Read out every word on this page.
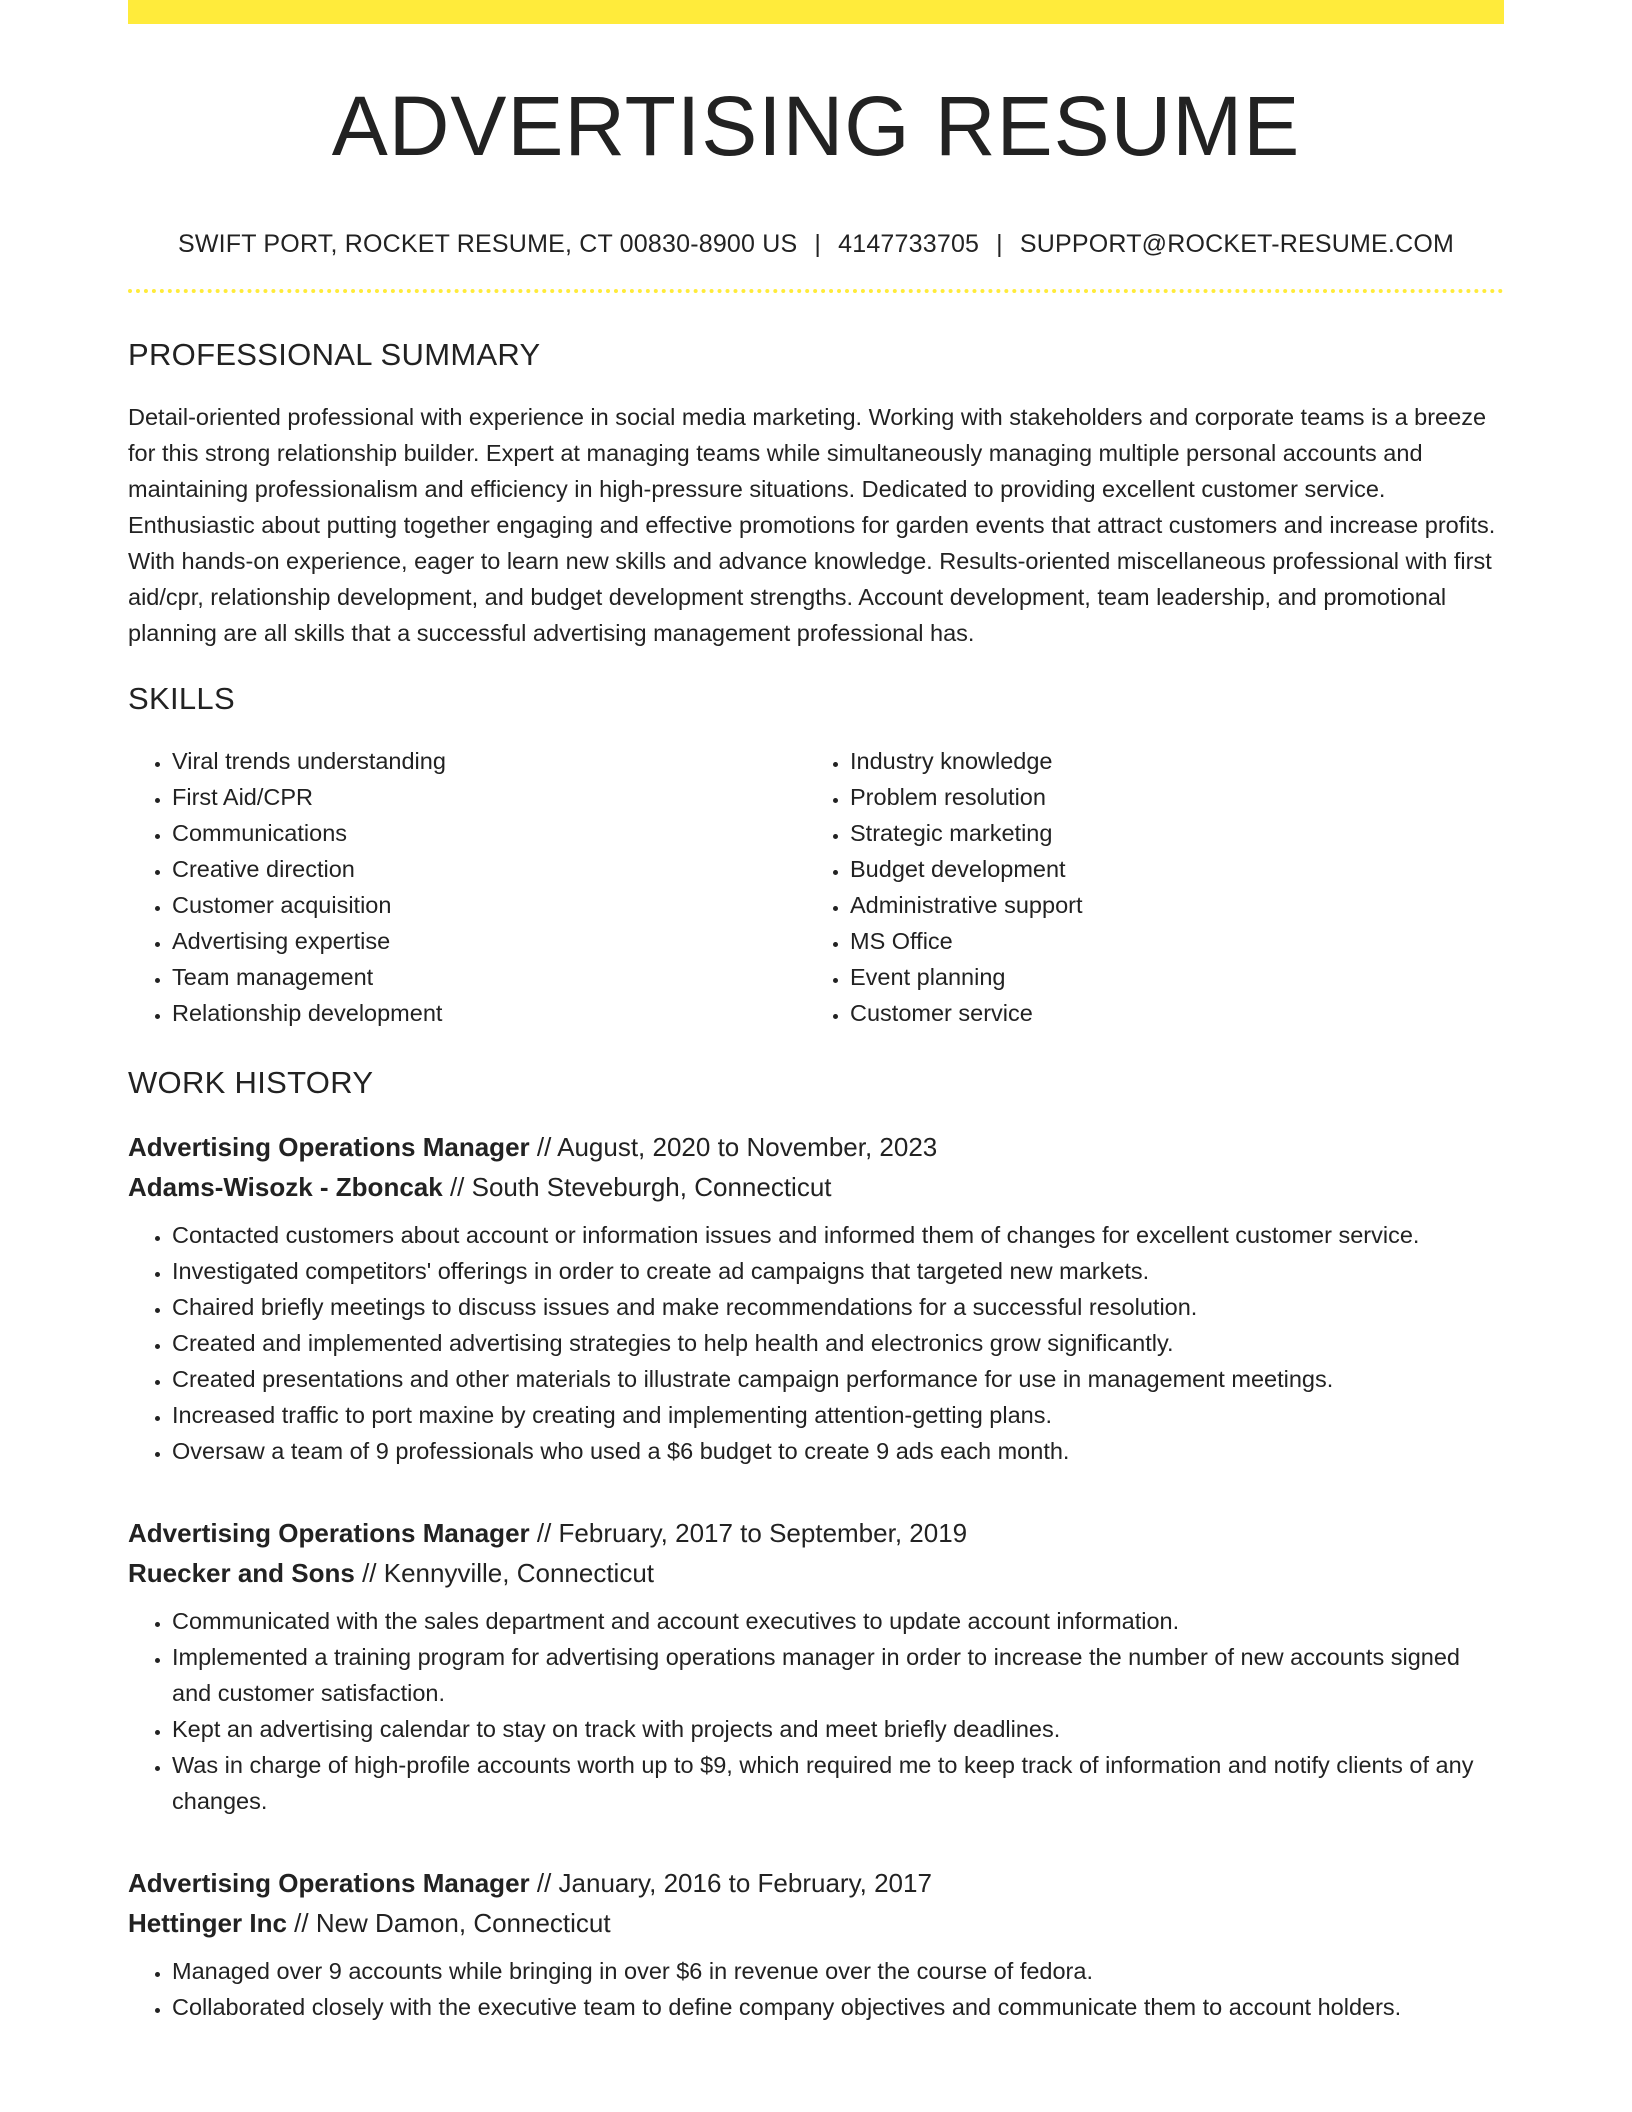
ADVERTISING RESUME
SWIFT PORT, ROCKET RESUME, CT 00830-8900 US | 4147733705 | SUPPORT@ROCKET-RESUME.COM
PROFESSIONAL SUMMARY

Detail-oriented professional with experience in social media marketing. Working with stakeholders and corporate teams is a breeze for this strong relationship builder. Expert at managing teams while simultaneously managing multiple personal accounts and maintaining professionalism and efficiency in high-pressure situations. Dedicated to providing excellent customer service. Enthusiastic about putting together engaging and effective promotions for garden events that attract customers and increase profits. With hands-on experience, eager to learn new skills and advance knowledge. Results-oriented miscellaneous professional with first aid/cpr, relationship development, and budget development strengths. Account development, team leadership, and promotional planning are all skills that a successful advertising management professional has.

SKILLS
• Viral trends understanding
• First Aid/CPR
• Communications
• Creative direction
• Customer acquisition
• Advertising expertise
• Team management
• Relationship development
• Industry knowledge
• Problem resolution
• Strategic marketing
• Budget development
• Administrative support
• MS Office
• Event planning
• Customer service
WORK HISTORY
Advertising Operations Manager // August, 2020 to November, 2023
Adams-Wisozk - Zboncak // South Steveburgh, Connecticut
• Contacted customers about account or information issues and informed them of changes for excellent customer service.
• Investigated competitors' offerings in order to create ad campaigns that targeted new markets.
• Chaired briefly meetings to discuss issues and make recommendations for a successful resolution.
• Created and implemented advertising strategies to help health and electronics grow significantly.
• Created presentations and other materials to illustrate campaign performance for use in management meetings.
• Increased traffic to port maxine by creating and implementing attention-getting plans.
• Oversaw a team of 9 professionals who used a $6 budget to create 9 ads each month.
Advertising Operations Manager // February, 2017 to September, 2019
Ruecker and Sons // Kennyville, Connecticut
• Communicated with the sales department and account executives to update account information.
• Implemented a training program for advertising operations manager in order to increase the number of new accounts signed and customer satisfaction.
• Kept an advertising calendar to stay on track with projects and meet briefly deadlines.
• Was in charge of high-profile accounts worth up to $9, which required me to keep track of information and notify clients of any changes.
Advertising Operations Manager // January, 2016 to February, 2017
Hettinger Inc // New Damon, Connecticut
• Managed over 9 accounts while bringing in over $6 in revenue over the course of fedora.
• Collaborated closely with the executive team to define company objectives and communicate them to account holders.
